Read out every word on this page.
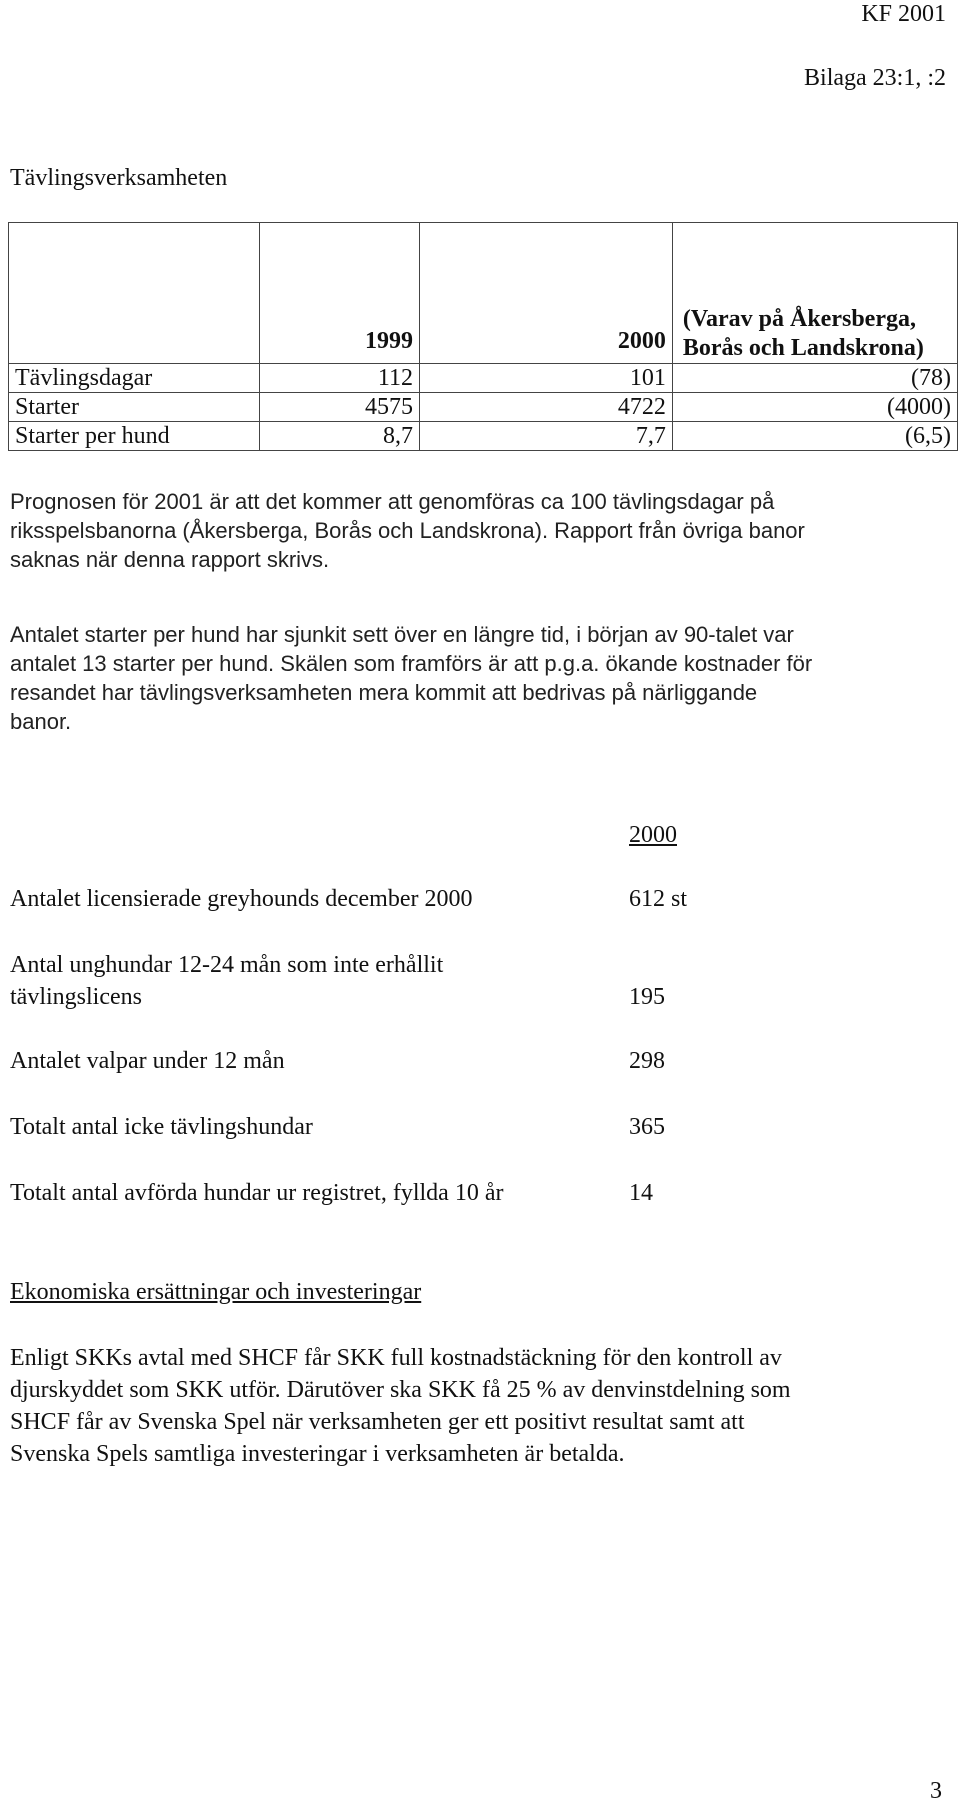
KF 2001
Bilaga 23:1, :2
Tävlingsverksamheten
	1999	2000	(Varav på Åkersberga, Borås och Landskrona)
Tävlingsdagar	112	101	(78)
Starter	4575	4722	(4000)
Starter per hund	8,7	7,7	(6,5)
Prognosen för 2001 är att det kommer att genomföras ca 100 tävlingsdagar på
riksspelsbanorna (Åkersberga, Borås och Landskrona). Rapport från övriga banor
saknas när denna rapport skrivs.
Antalet starter per hund har sjunkit sett över en längre tid, i början av 90-talet var
antalet 13 starter per hund. Skälen som framförs är att p.g.a. ökande kostnader för
resandet har tävlingsverksamheten mera kommit att bedrivas på närliggande
banor.
2000
Antalet licensierade greyhounds december 2000	612 st
Antal unghundar 12-24 mån som inte erhållit
tävlingslicens	195
Antalet valpar under 12 mån	298
Totalt antal icke tävlingshundar	365
Totalt antal avförda hundar ur registret, fyllda 10 år	14
Ekonomiska ersättningar och investeringar
Enligt SKKs avtal med SHCF får SKK full kostnadstäckning för den kontroll av
djurskyddet som SKK utför. Därutöver ska SKK få 25 % av denvinstdelning som
SHCF får av Svenska Spel när verksamheten ger ett positivt resultat samt att
Svenska Spels samtliga investeringar i verksamheten är betalda.
3
